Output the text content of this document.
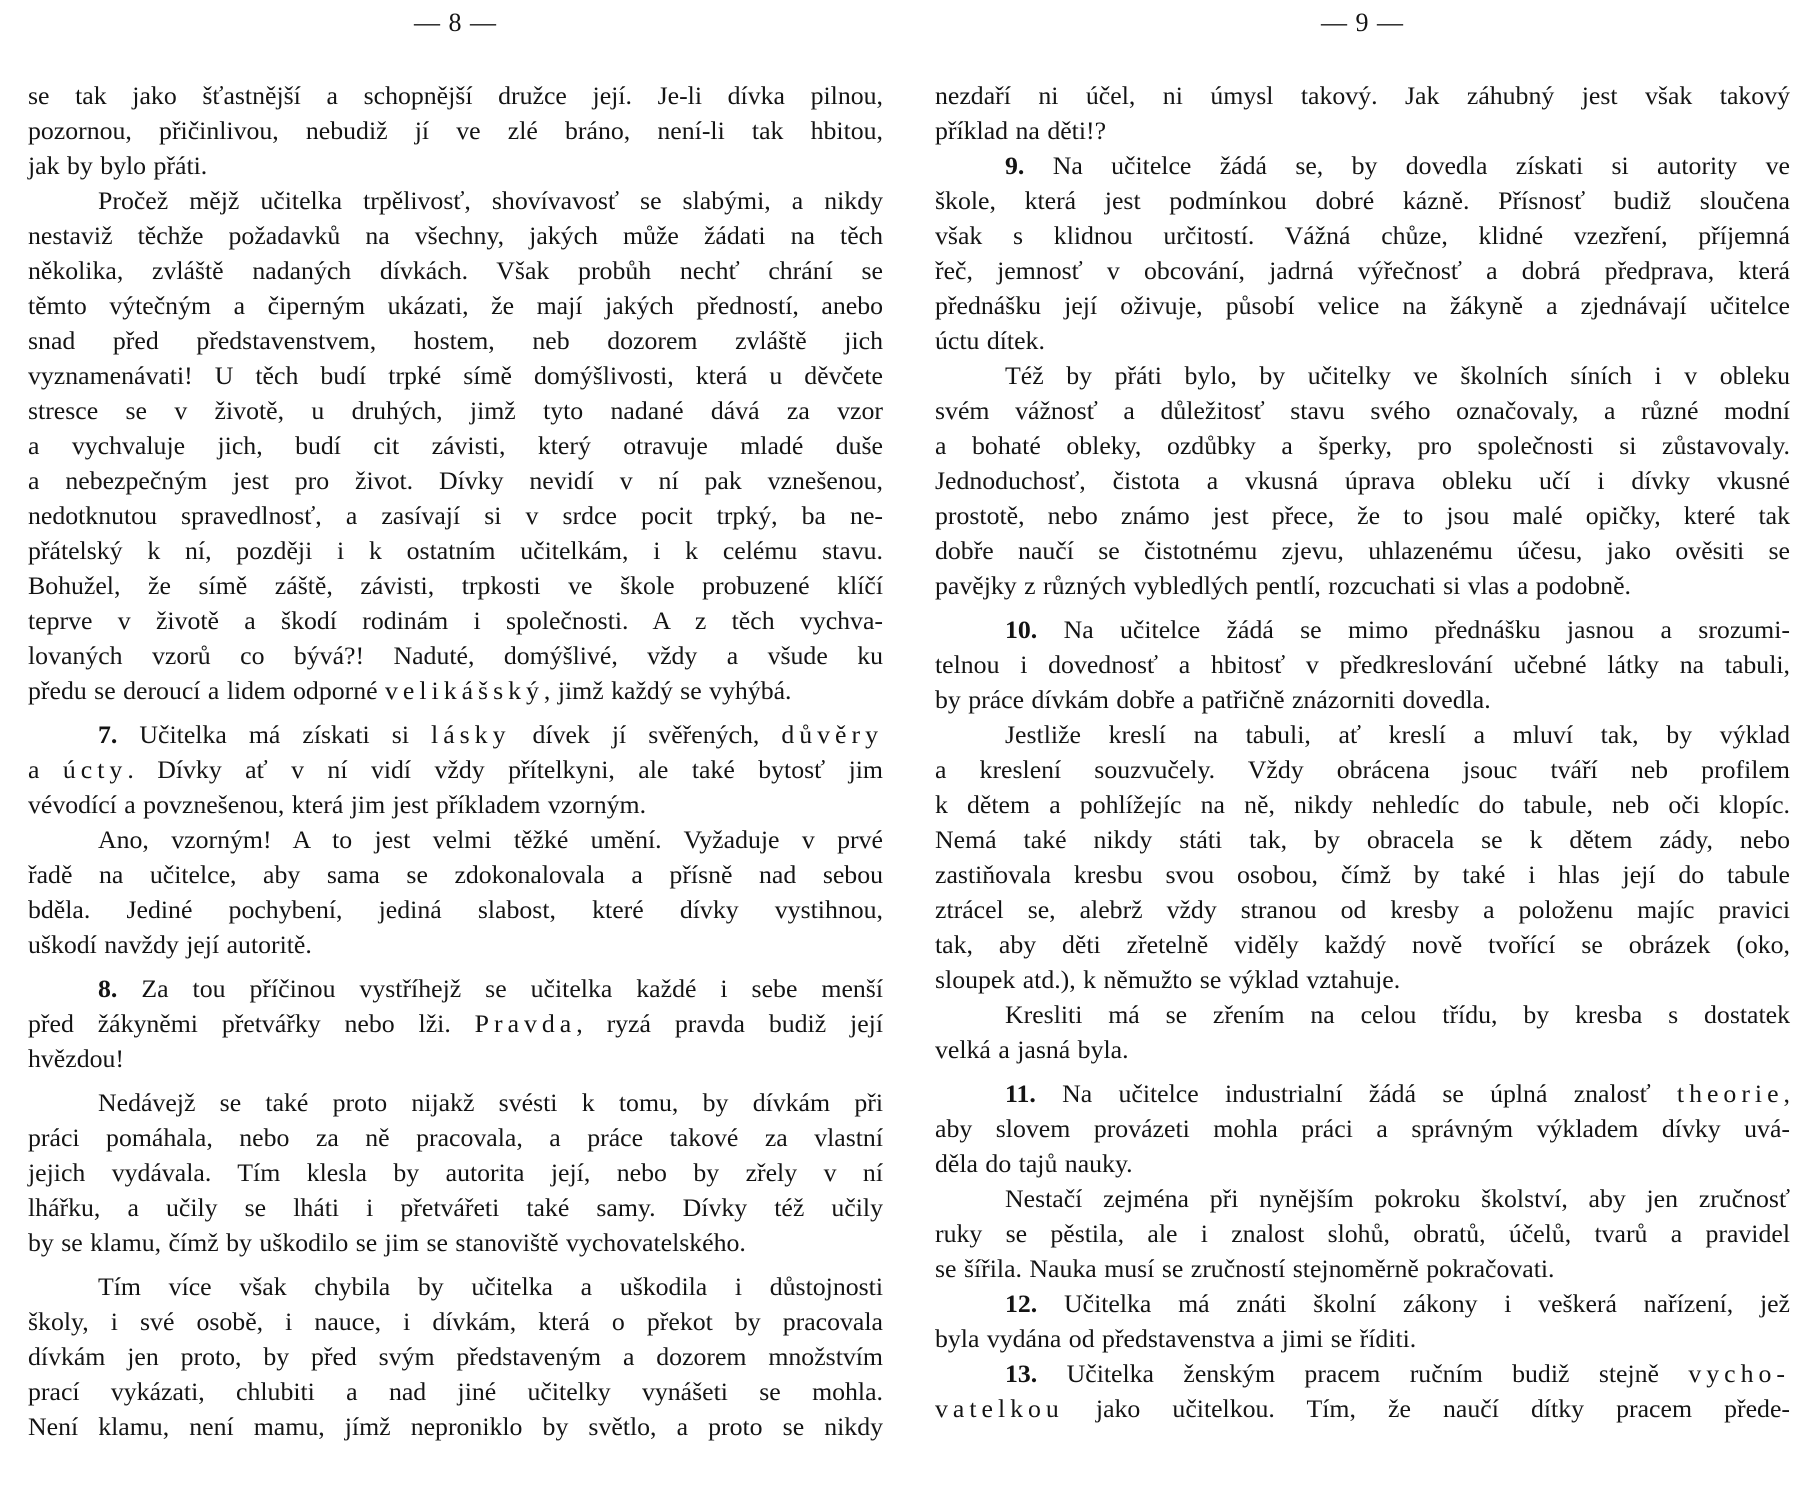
— 8 —

se tak jako šťastnější a schopnější družce její. Je-li dívka pilnou,

pozornou, přičinlivou, nebudiž jí ve zlé bráno, není-li tak hbitou,

jak by bylo přáti.

Pročež mějž učitelka trpělivosť, shovívavosť se slabými, a nikdy

nestaviž těchže požadavků na všechny, jakých může žádati na těch

několika, zvláště nadaných dívkách. Však probůh nechť chrání se

těmto výtečným a čiperným ukázati, že mají jakých předností, anebo

snad před představenstvem, hostem, neb dozorem zvláště jich

vyznamenávati! U těch budí trpké símě domýšlivosti, která u děvčete

stresce se v životě, u druhých, jimž tyto nadané dává za vzor

a vychvaluje jich, budí cit závisti, který otravuje mladé duše

a nebezpečným jest pro život. Dívky nevidí v ní pak vznešenou,

nedotknutou spravedlnosť, a zasívají si v srdce pocit trpký, ba ne-

přátelský k ní, později i k ostatním učitelkám, i k celému stavu.

Bohužel, že símě záště, závisti, trpkosti ve škole probuzené klíčí

teprve v životě a škodí rodinám i společnosti. A z těch vychva-

lovaných vzorů co bývá?! Naduté, domýšlivé, vždy a všude ku

předu se deroucí a lidem odporné velikášský, jimž každý se vyhýbá.

7. Učitelka má získati si lásky dívek jí svěřených, důvěry

a úcty. Dívky ať v ní vidí vždy přítelkyni, ale také bytosť jim

vévodící a povznešenou, která jim jest příkladem vzorným.

Ano, vzorným! A to jest velmi těžké umění. Vyžaduje v prvé

řadě na učitelce, aby sama se zdokonalovala a přísně nad sebou

bděla. Jediné pochybení, jediná slabost, které dívky vystihnou,

uškodí navždy její autoritě.

8. Za tou příčinou vystříhejž se učitelka každé i sebe menší

před žákyněmi přetvářky nebo lži. Pravda, ryzá pravda budiž její

hvězdou!

Nedávejž se také proto nijakž svésti k tomu, by dívkám při

práci pomáhala, nebo za ně pracovala, a práce takové za vlastní

jejich vydávala. Tím klesla by autorita její, nebo by zřely v ní

lhářku, a učily se lháti i přetvářeti také samy. Dívky též učily

by se klamu, čímž by uškodilo se jim se stanoviště vychovatelského.

Tím více však chybila by učitelka a uškodila i důstojnosti

školy, i své osobě, i nauce, i dívkám, která o překot by pracovala

dívkám jen proto, by před svým představeným a dozorem množstvím

prací vykázati, chlubiti a nad jiné učitelky vynášeti se mohla.

Není klamu, není mamu, jímž neproniklo by světlo, a proto se nikdy

— 9 —

nezdaří ni účel, ni úmysl takový. Jak záhubný jest však takový

příklad na děti!?

9. Na učitelce žádá se, by dovedla získati si autority ve

škole, která jest podmínkou dobré kázně. Přísnosť budiž sloučena

však s klidnou určitostí. Vážná chůze, klidné vzezření, příjemná

řeč, jemnosť v obcování, jadrná výřečnosť a dobrá předprava, která

přednášku její oživuje, působí velice na žákyně a zjednávají učitelce

úctu dítek.

Též by přáti bylo, by učitelky ve školních síních i v obleku

svém vážnosť a důležitosť stavu svého označovaly, a různé modní

a bohaté obleky, ozdůbky a šperky, pro společnosti si zůstavovaly.

Jednoduchosť, čistota a vkusná úprava obleku učí i dívky vkusné

prostotě, nebo známo jest přece, že to jsou malé opičky, které tak

dobře naučí se čistotnému zjevu, uhlazenému účesu, jako ověsiti se

pavějky z různých vybledlých pentlí, rozcuchati si vlas a podobně.

10. Na učitelce žádá se mimo přednášku jasnou a srozumi-

telnou i dovednosť a hbitosť v předkreslování učebné látky na tabuli,

by práce dívkám dobře a patřičně znázorniti dovedla.

Jestliže kreslí na tabuli, ať kreslí a mluví tak, by výklad

a kreslení souzvučely. Vždy obrácena jsouc tváří neb profilem

k dětem a pohlížejíc na ně, nikdy nehledíc do tabule, neb oči klopíc.

Nemá také nikdy státi tak, by obracela se k dětem zády, nebo

zastiňovala kresbu svou osobou, čímž by také i hlas její do tabule

ztrácel se, alebrž vždy stranou od kresby a položenu majíc pravici

tak, aby děti zřetelně viděly každý nově tvořící se obrázek (oko,

sloupek atd.), k němužto se výklad vztahuje.

Kresliti má se zřením na celou třídu, by kresba s dostatek

velká a jasná byla.

11. Na učitelce industrialní žádá se úplná znalosť theorie,

aby slovem provázeti mohla práci a správným výkladem dívky uvá-

děla do tajů nauky.

Nestačí zejména při nynějším pokroku školství, aby jen zručnosť

ruky se pěstila, ale i znalost slohů, obratů, účelů, tvarů a pravidel

se šířila. Nauka musí se zručností stejnoměrně pokračovati.

12. Učitelka má znáti školní zákony i veškerá nařízení, jež

byla vydána od představenstva a jimi se říditi.

13. Učitelka ženským pracem ručním budiž stejně vycho-

vatelkou jako učitelkou. Tím, že naučí dítky pracem přede-
